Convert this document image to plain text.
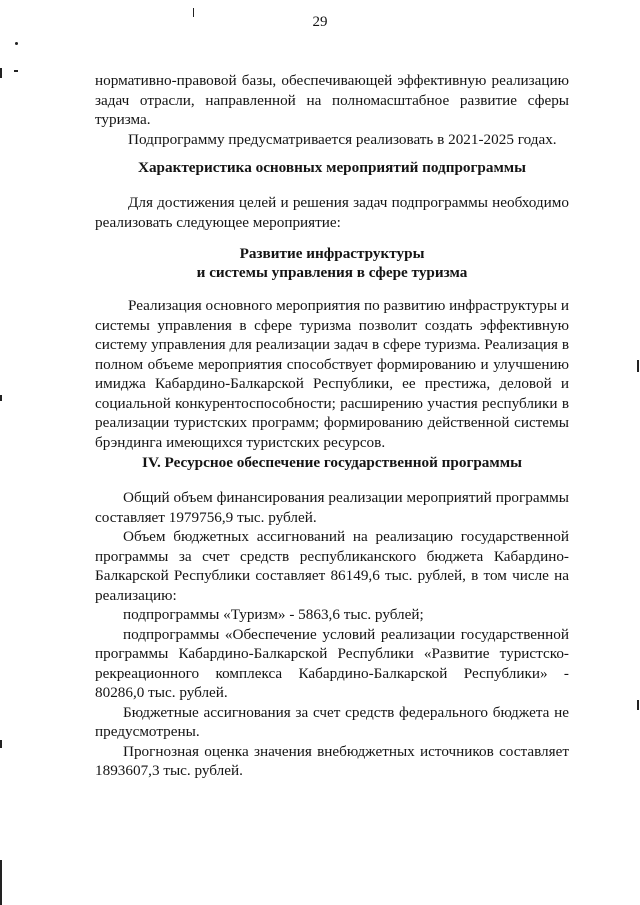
29

нормативно-правовой базы, обеспечивающей эффективную реализацию задач отрасли, направленной на полномасштабное развитие сферы туризма.

Подпрограмму предусматривается реализовать в 2021-2025 годах.

Характеристика основных мероприятий подпрограммы

Для достижения целей и решения задач подпрограммы необходимо реализовать следующее мероприятие:

Развитие инфраструктуры

и системы управления в сфере туризма

Реализация основного мероприятия по развитию инфраструктуры и системы управления в сфере туризма позволит создать эффективную систему управления для реализации задач в сфере туризма. Реализация в полном объеме мероприятия способствует формированию и улучшению имиджа Кабардино-Балкарской Республики, ее престижа, деловой и социальной конкурентоспособности; расширению участия республики в реализации туристских программ; формированию действенной системы брэндинга имеющихся туристских ресурсов.

IV. Ресурсное обеспечение государственной программы

Общий объем финансирования реализации мероприятий программы составляет 1979756,9 тыс. рублей.

Объем бюджетных ассигнований на реализацию государственной программы за счет средств республиканского бюджета Кабардино-Балкарской Республики составляет 86149,6 тыс. рублей, в том числе на реализацию:

подпрограммы «Туризм» - 5863,6 тыс. рублей;

подпрограммы «Обеспечение условий реализации государственной программы Кабардино-Балкарской Республики «Развитие туристско-рекреационного комплекса Кабардино-Балкарской Республики» - 80286,0 тыс. рублей.

Бюджетные ассигнования за счет средств федерального бюджета не предусмотрены.

Прогнозная оценка значения внебюджетных источников составляет 1893607,3 тыс. рублей.
